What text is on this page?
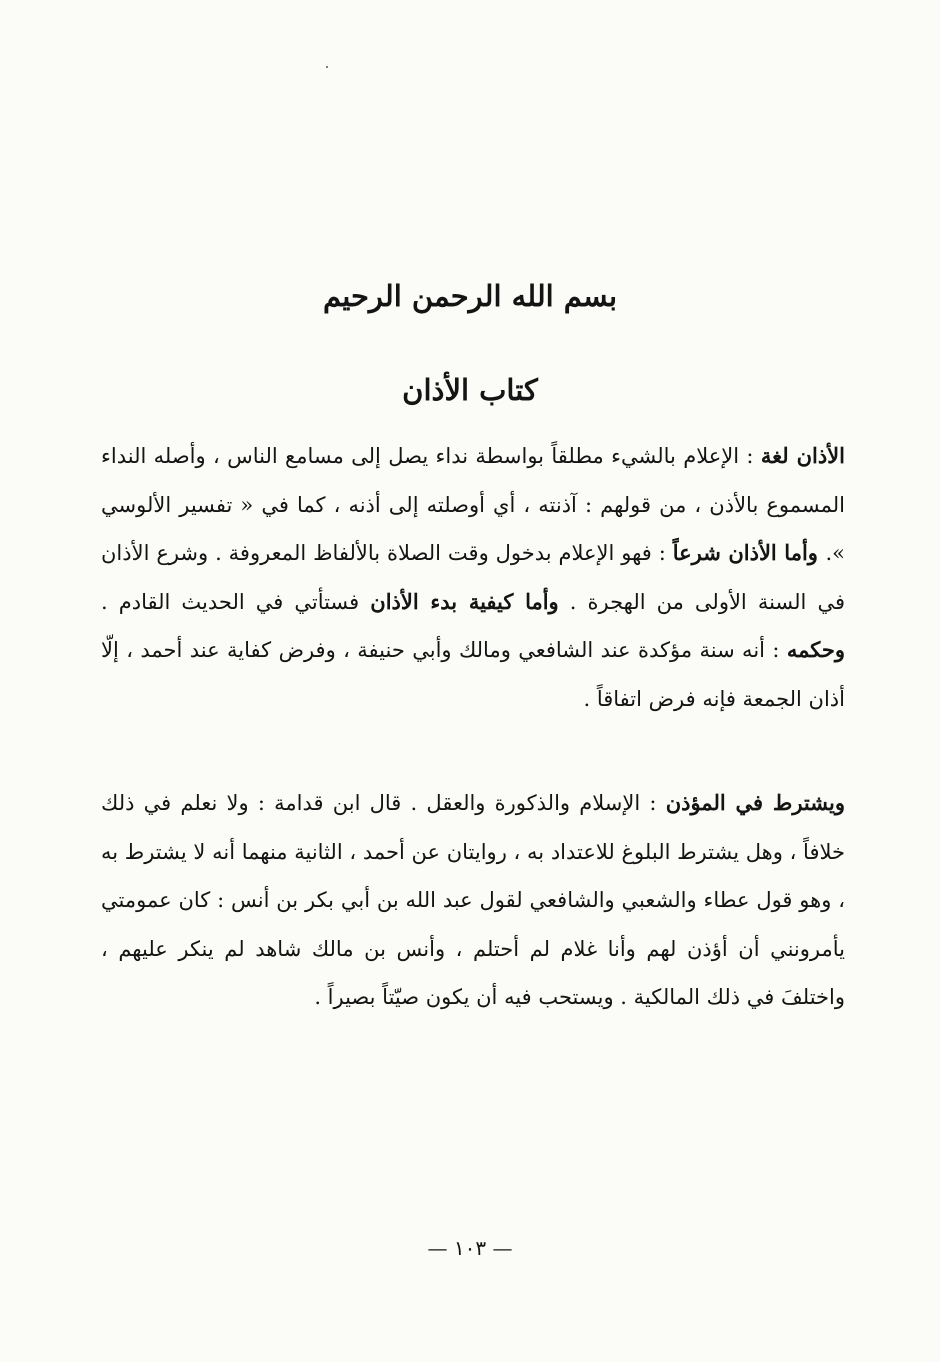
بسم الله الرحمن الرحيم
كتاب الأذان

الأذان لغة : الإعلام بالشيء مطلقاً بواسطة نداء يصل إلى مسامع الناس ، وأصله النداء المسموع بالأذن ، من قولهم : آذنته ، أي أوصلته إلى أذنه ، كما في « تفسير الألوسي ». وأما الأذان شرعاً : فهو الإعلام بدخول وقت الصلاة بالألفاظ المعروفة . وشرع الأذان في السنة الأولى من الهجرة . وأما كيفية بدء الأذان فستأتي في الحديث القادم . وحكمه : أنه سنة مؤكدة عند الشافعي ومالك وأبي حنيفة ، وفرض كفاية عند أحمد ، إلّا أذان الجمعة فإنه فرض اتفاقاً .

ويشترط في المؤذن : الإسلام والذكورة والعقل . قال ابن قدامة : ولا نعلم في ذلك خلافاً ، وهل يشترط البلوغ للاعتداد به ، روايتان عن أحمد ، الثانية منهما أنه لا يشترط به ، وهو قول عطاء والشعبي والشافعي لقول عبد الله بن أبي بكر بن أنس : كان عمومتي يأمرونني أن أؤذن لهم وأنا غلام لم أحتلم ، وأنس بن مالك شاهد لم ينكر عليهم ، واختلفَ في ذلك المالكية . ويستحب فيه أن يكون صيّتاً بصيراً .

— ١٠٣ —
